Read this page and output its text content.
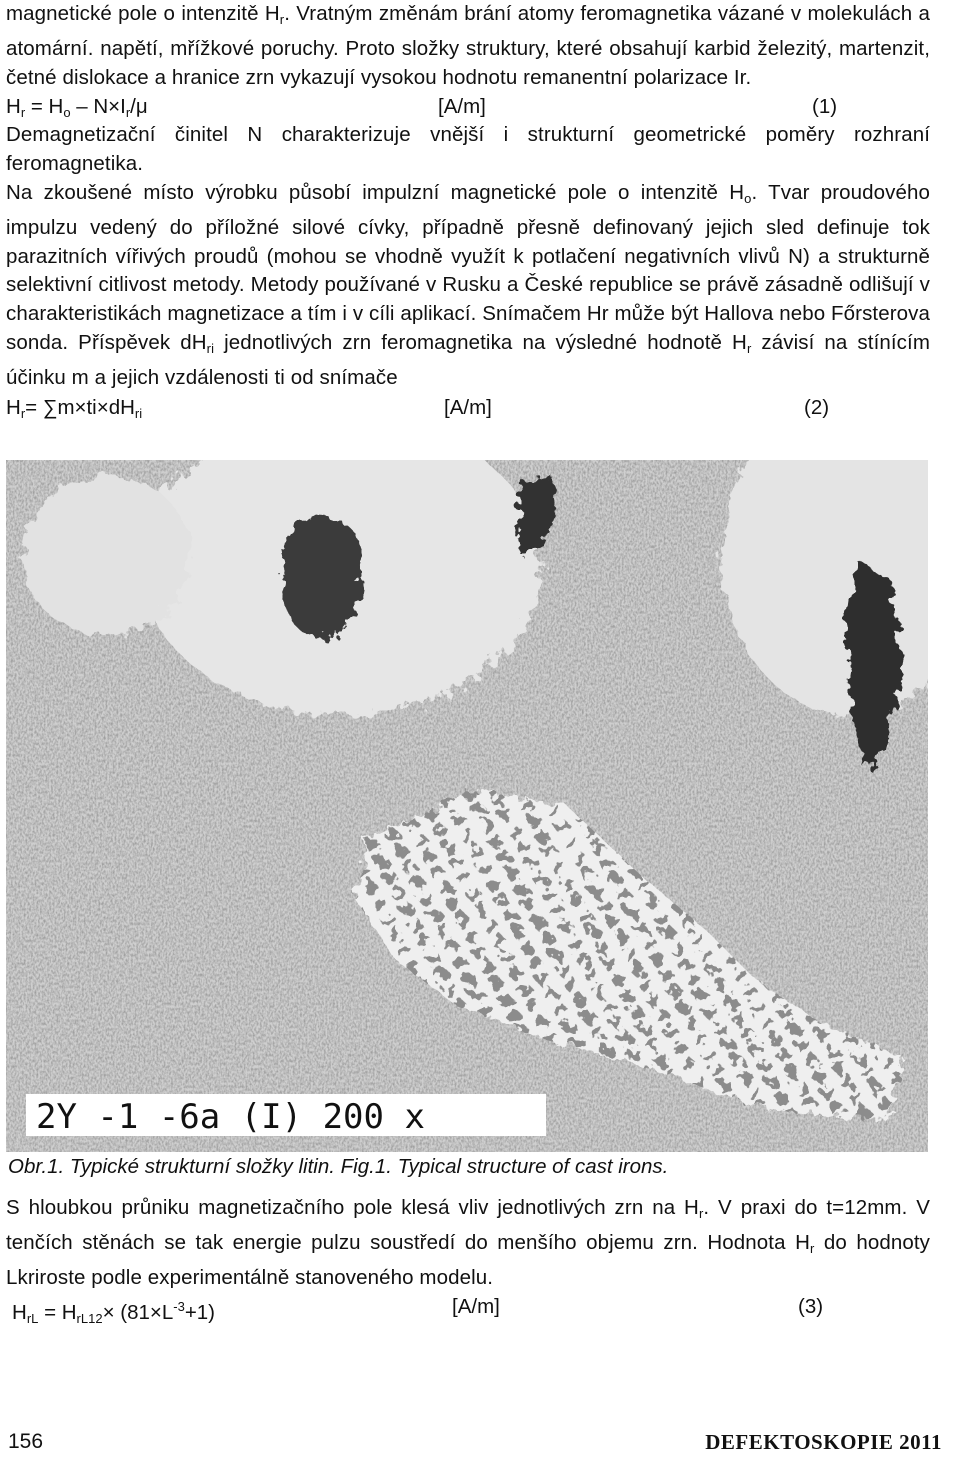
magnetické pole o intenzitě $H_r$. Vratným změnám brání atomy feromagnetika vázané v molekulách a atomární. napětí, mřížkové poruchy. Proto složky struktury, které obsahují karbid železitý, martenzit, četné dislokace a hranice zrn vykazují vysokou hodnotu remanentní polarizace Ir.

$H_r = H_o - N\times I_r/\mu$	[A/m]	(1)

Demagnetizační činitel N charakterizuje vnější i strukturní geometrické poměry rozhraní feromagnetika.

Na zkoušené místo výrobku působí impulzní magnetické pole o intenzitě $H_o$. Tvar proudového impulzu vedený do příložné silové cívky, případně přesně definovaný jejich sled definuje tok parazitních vířivých proudů (mohou se vhodně využít k potlačení negativních vlivů N) a strukturně selektivní citlivost metody. Metody používané v Rusku a České republice se právě zásadně odlišují v charakteristikách magnetizace a tím i v cíli aplikací. Snímačem Hr může být Hallova nebo Főrsterova sonda. Příspěvek $dH_{ri}$ jednotlivých zrn feromagnetika na výsledné hodnotě $H_r$ závisí na stínícím účinku m a jejich vzdálenosti ti od snímače

$H_r= \sum m\times ti\times dH_{ri}$	[A/m]	(2)
2Y -1 -6a (I) 200 x
Obr.1. Typické strukturní složky litin. Fig.1. Typical structure of cast irons.

S hloubkou průniku magnetizačního pole klesá vliv jednotlivých zrn na $H_r$. V praxi do t=12mm. V tenčích stěnách se tak energie pulzu soustředí do menšího objemu zrn. Hodnota $H_r$ do hodnoty Lkriroste podle experimentálně stanoveného modelu.

$H_{rL} = H_{rL12}\times (81\times L^{-3}+1)$	[A/m]	(3)
156	DEFEKTOSKOPIE 2011
